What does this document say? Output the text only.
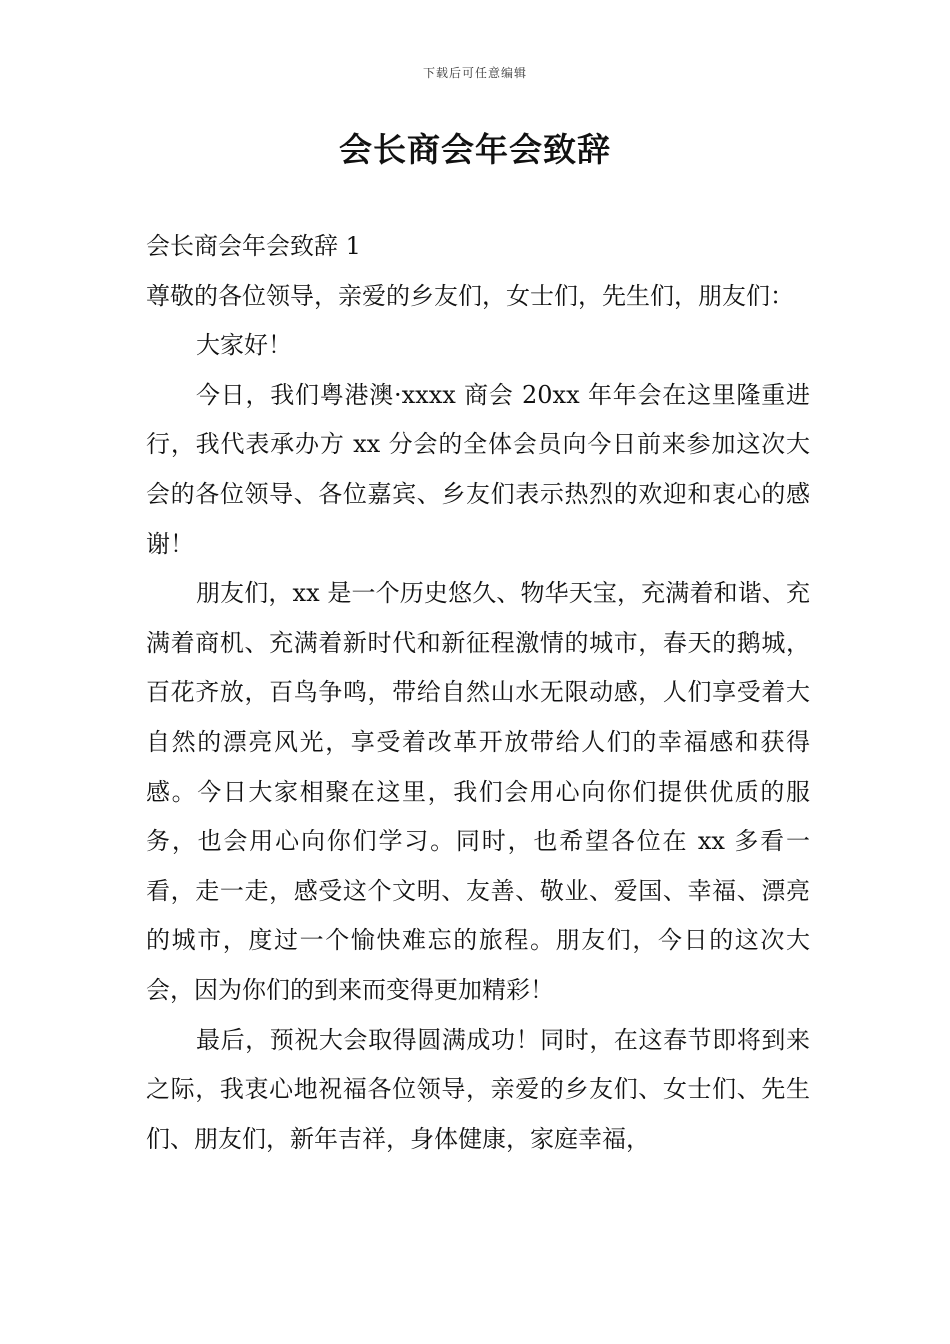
下载后可任意编辑
会长商会年会致辞

会长商会年会致辞 1

尊敬的各位领导，亲爱的乡友们，女士们，先生们，朋友们：

大家好！

今日，我们粤港澳·xxxx 商会 20xx 年年会在这里隆重进行，我代表承办方 xx 分会的全体会员向今日前来参加这次大会的各位领导、各位嘉宾、乡友们表示热烈的欢迎和衷心的感谢！

朋友们，xx 是一个历史悠久、物华天宝，充满着和谐、充满着商机、充满着新时代和新征程激情的城市，春天的鹅城，百花齐放，百鸟争鸣，带给自然山水无限动感，人们享受着大自然的漂亮风光，享受着改革开放带给人们的幸福感和获得感。今日大家相聚在这里，我们会用心向你们提供优质的服务，也会用心向你们学习。同时，也希望各位在 xx 多看一看，走一走，感受这个文明、友善、敬业、爱国、幸福、漂亮的城市，度过一个愉快难忘的旅程。朋友们，今日的这次大会，因为你们的到来而变得更加精彩！

最后，预祝大会取得圆满成功！同时，在这春节即将到来之际，我衷心地祝福各位领导，亲爱的乡友们、女士们、先生们、朋友们，新年吉祥，身体健康，家庭幸福，
